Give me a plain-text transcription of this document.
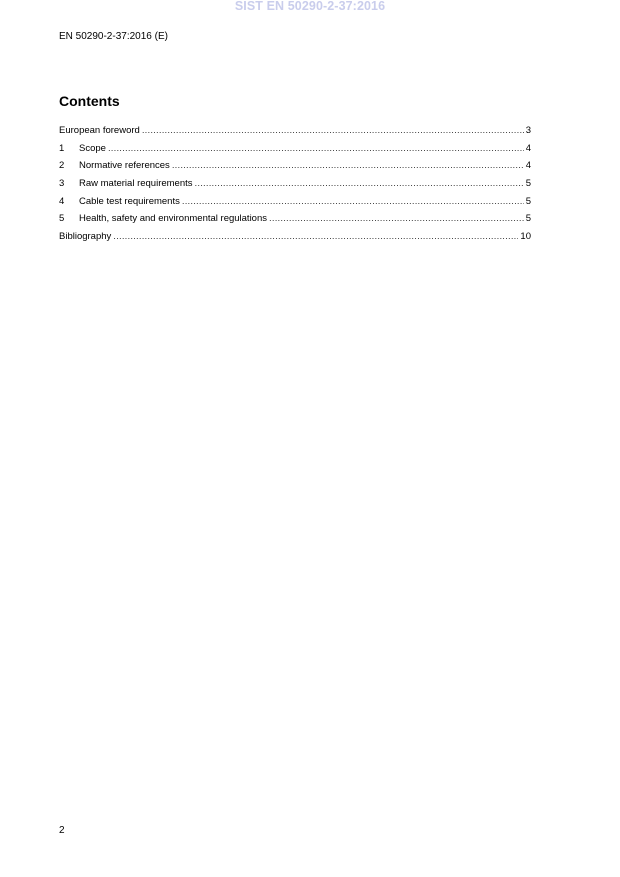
SIST EN 50290-2-37:2016
EN 50290-2-37:2016 (E)
Contents
European foreword .....	3
1	Scope .....	4
2	Normative references .....	4
3	Raw material requirements .....	5
4	Cable test requirements .....	5
5	Health, safety and environmental regulations .....	5
Bibliography .....	10
2
